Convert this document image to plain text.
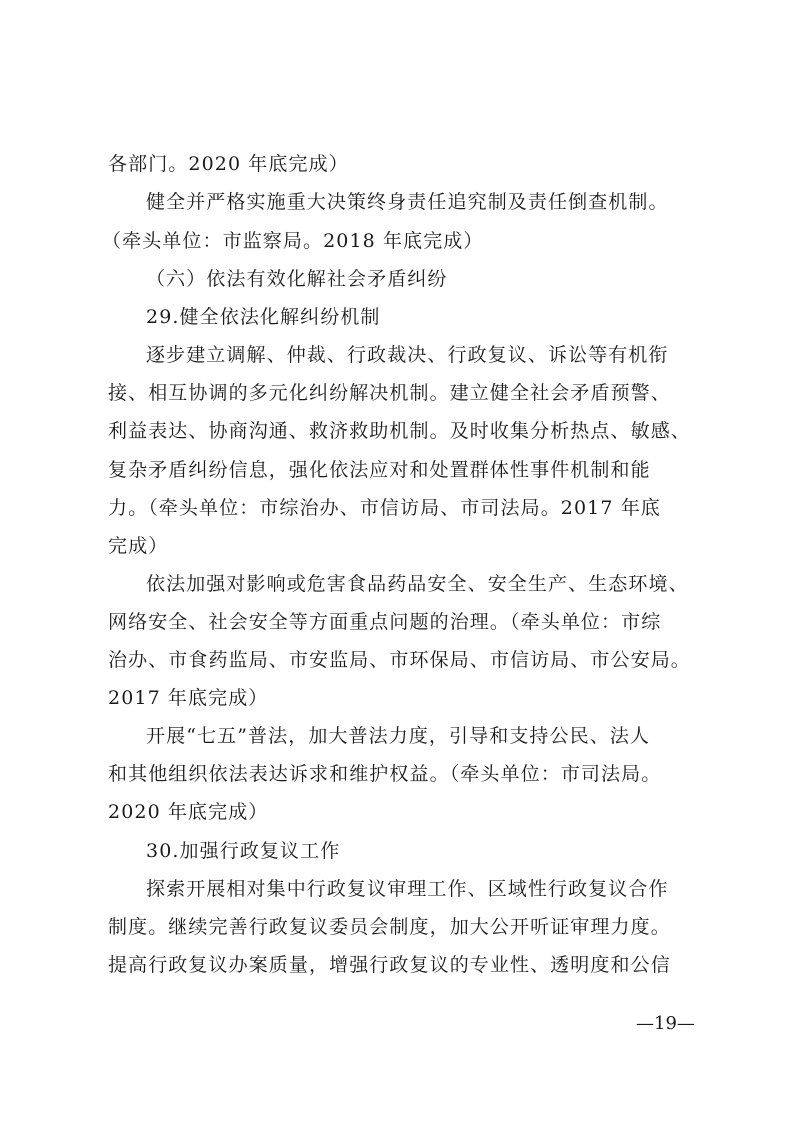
各部门。2020 年底完成）
健全并严格实施重大决策终身责任追究制及责任倒查机制。
（牵头单位：市监察局。2018 年底完成）
（六）依法有效化解社会矛盾纠纷
29.健全依法化解纠纷机制
逐步建立调解、仲裁、行政裁决、行政复议、诉讼等有机衔
接、相互协调的多元化纠纷解决机制。建立健全社会矛盾预警、
利益表达、协商沟通、救济救助机制。及时收集分析热点、敏感、
复杂矛盾纠纷信息，强化依法应对和处置群体性事件机制和能
力。（牵头单位：市综治办、市信访局、市司法局。2017 年底
完成）
依法加强对影响或危害食品药品安全、安全生产、生态环境、
网络安全、社会安全等方面重点问题的治理。（牵头单位：市综
治办、市食药监局、市安监局、市环保局、市信访局、市公安局。
2017 年底完成）
开展“七五”普法，加大普法力度，引导和支持公民、法人
和其他组织依法表达诉求和维护权益。（牵头单位：市司法局。
2020 年底完成）
30.加强行政复议工作
探索开展相对集中行政复议审理工作、区域性行政复议合作
制度。继续完善行政复议委员会制度，加大公开听证审理力度。
提高行政复议办案质量，增强行政复议的专业性、透明度和公信
—19—
